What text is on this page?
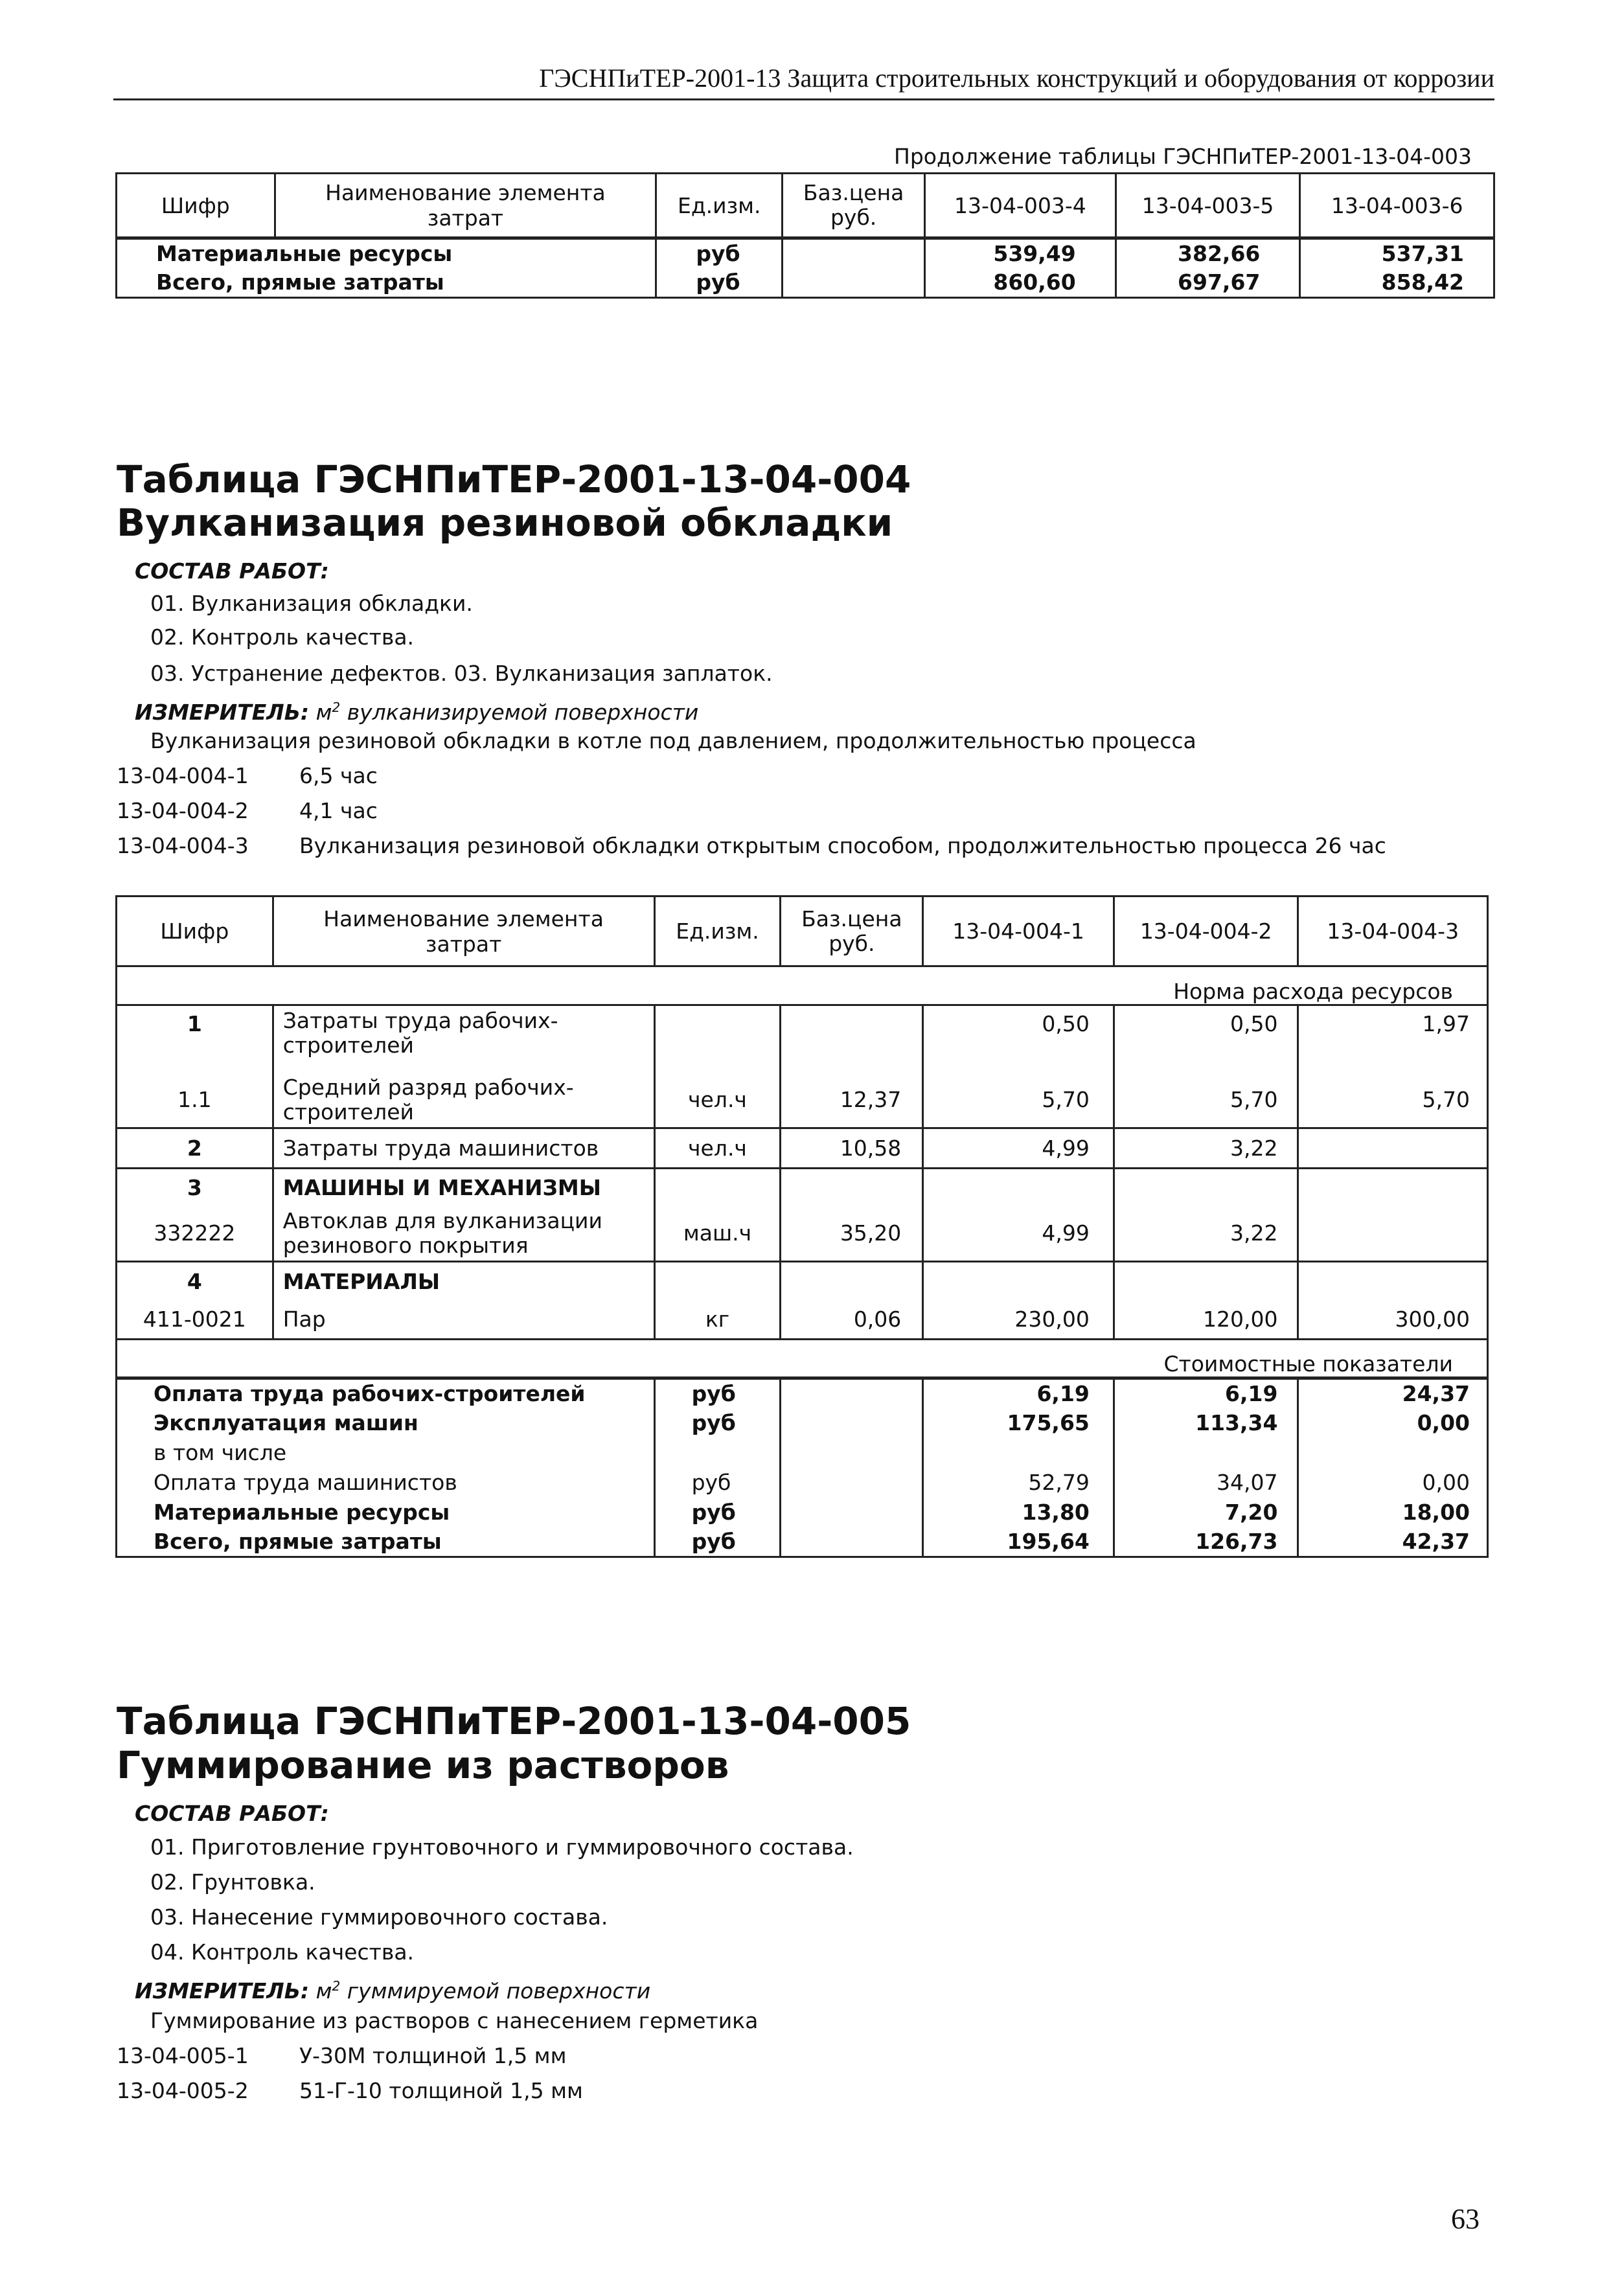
ГЭСНПиТЕР-2001-13 Защита строительных конструкций и оборудования от коррозии
Продолжение таблицы ГЭСНПиТЕР-2001-13-04-003
Шифр	Наименование элемента затрат	Ед.изм.	Баз.цена руб.	13-04-003-4	13-04-003-5	13-04-003-6
Материальные ресурсы		руб		539,49	382,66	537,31
Всего, прямые затраты		руб		860,60	697,67	858,42
Таблица ГЭСНПиТЕР-2001-13-04-004
Вулканизация резиновой обкладки
СОСТАВ РАБОТ:
01. Вулканизация обкладки.
02. Контроль качества.
03. Устранение дефектов. 03. Вулканизация заплаток.
ИЗМЕРИТЕЛЬ: $м^2$ вулканизируемой поверхности
Вулканизация резиновой обкладки в котле под давлением, продолжительностью процесса
13-04-004-1 6,5 час
13-04-004-2 4,1 час
13-04-004-3 Вулканизация резиновой обкладки открытым способом, продолжительностью процесса 26 час
Шифр	Наименование элемента затрат	Ед.изм.	Баз.цена руб.	13-04-004-1	13-04-004-2	13-04-004-3
Норма расхода ресурсов						
1	Затраты труда рабочих-строителей			0,50	0,50	1,97
1.1	Средний разряд рабочих-строителей	чел.ч	12,37	5,70	5,70	5,70
2	Затраты труда машинистов	чел.ч	10,58	4,99	3,22	
3	МАШИНЫ И МЕХАНИЗМЫ					
332222	Автоклав для вулканизации резинового покрытия	маш.ч	35,20	4,99	3,22	
4	МАТЕРИАЛЫ					
411-0021	Пар	кг	0,06	230,00	120,00	300,00
Стоимостные показатели						
Оплата труда рабочих-строителей		руб		6,19	6,19	24,37
Эксплуатация машин		руб		175,65	113,34	0,00
в том числе						
Оплата труда машинистов		руб		52,79	34,07	0,00
Материальные ресурсы		руб		13,80	7,20	18,00
Всего, прямые затраты		руб		195,64	126,73	42,37
Таблица ГЭСНПиТЕР-2001-13-04-005
Гуммирование из растворов
СОСТАВ РАБОТ:
01. Приготовление грунтовочного и гуммировочного состава.
02. Грунтовка.
03. Нанесение гуммировочного состава.
04. Контроль качества.
ИЗМЕРИТЕЛЬ: $м^2$ гуммируемой поверхности
Гуммирование из растворов с нанесением герметика
13-04-005-1 У-30М толщиной 1,5 мм
13-04-005-2 51-Г-10 толщиной 1,5 мм
63
